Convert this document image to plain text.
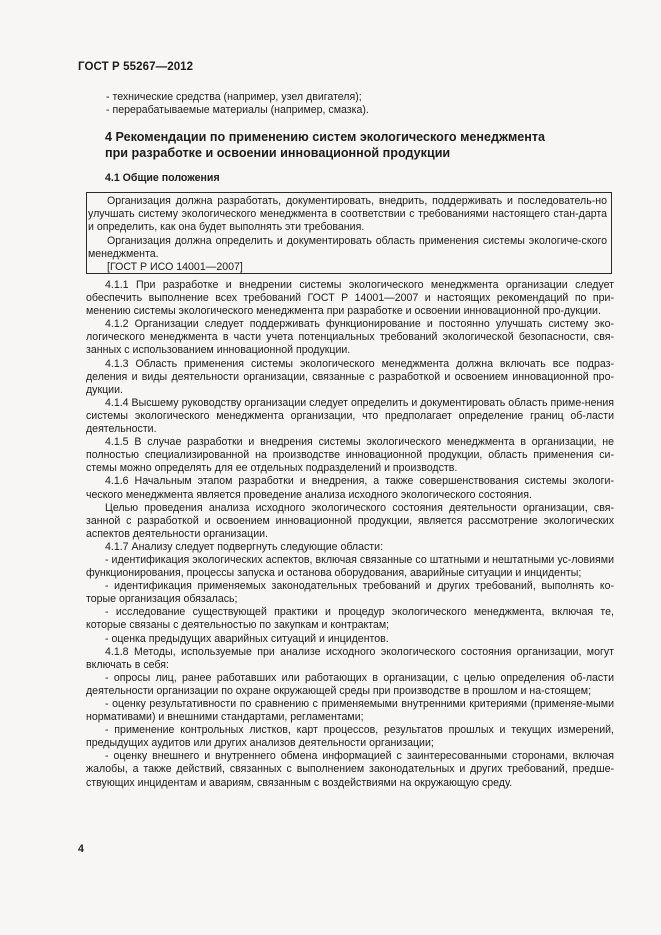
ГОСТ Р 55267—2012

- технические средства (например, узел двигателя);

- перерабатываемые материалы (например, смазка).

4 Рекомендации по применению систем экологического менеджмента
при разработке и освоении инновационной продукции
4.1 Общие положения

Организация должна разработать, документировать, внедрить, поддерживать и последователь-но улучшать систему экологического менеджмента в соответствии с требованиями настоящего стан-дарта и определить, как она будет выполнять эти требования.

Организация должна определить и документировать область применения системы экологиче-ского менеджмента.

[ГОСТ Р ИСО 14001—2007]

4.1.1 При разработке и внедрении системы экологического менеджмента организации следует обеспечить выполнение всех требований ГОСТ Р 14001—2007 и настоящих рекомендаций по при-менению системы экологического менеджмента при разработке и освоении инновационной про-дукции.

4.1.2 Организации следует поддерживать функционирование и постоянно улучшать систему эко-логического менеджмента в части учета потенциальных требований экологической безопасности, свя-занных с использованием инновационной продукции.

4.1.3 Область применения системы экологического менеджмента должна включать все подраз-деления и виды деятельности организации, связанные с разработкой и освоением инновационной про-дукции.

4.1.4 Высшему руководству организации следует определить и документировать область приме-нения системы экологического менеджмента организации, что предполагает определение границ об-ласти деятельности.

4.1.5 В случае разработки и внедрения системы экологического менеджмента в организации, не полностью специализированной на производстве инновационной продукции, область применения си-стемы можно определять для ее отдельных подразделений и производств.

4.1.6 Начальным этапом разработки и внедрения, а также совершенствования системы экологи-ческого менеджмента является проведение анализа исходного экологического состояния.

Целью проведения анализа исходного экологического состояния деятельности организации, свя-занной с разработкой и освоением инновационной продукции, является рассмотрение экологических аспектов деятельности организации.

4.1.7 Анализу следует подвергнуть следующие области:

- идентификация экологических аспектов, включая связанные со штатными и нештатными ус-ловиями функционирования, процессы запуска и останова оборудования, аварийные ситуации и инциденты;

- идентификация применяемых законодательных требований и других требований, выполнять ко-торые организация обязалась;

- исследование существующей практики и процедур экологического менеджмента, включая те, которые связаны с деятельностью по закупкам и контрактам;

- оценка предыдущих аварийных ситуаций и инцидентов.

4.1.8 Методы, используемые при анализе исходного экологического состояния организации, могут включать в себя:

- опросы лиц, ранее работавших или работающих в организации, с целью определения об-ласти деятельности организации по охране окружающей среды при производстве в прошлом и на-стоящем;

- оценку результативности по сравнению с применяемыми внутренними критериями (применяе-мыми нормативами) и внешними стандартами, регламентами;

- применение контрольных листков, карт процессов, результатов прошлых и текущих измерений, предыдущих аудитов или других анализов деятельности организации;

- оценку внешнего и внутреннего обмена информацией с заинтересованными сторонами, включая жалобы, а также действий, связанных с выполнением законодательных и других требований, предше-ствующих инцидентам и авариям, связанным с воздействиями на окружающую среду.

4
